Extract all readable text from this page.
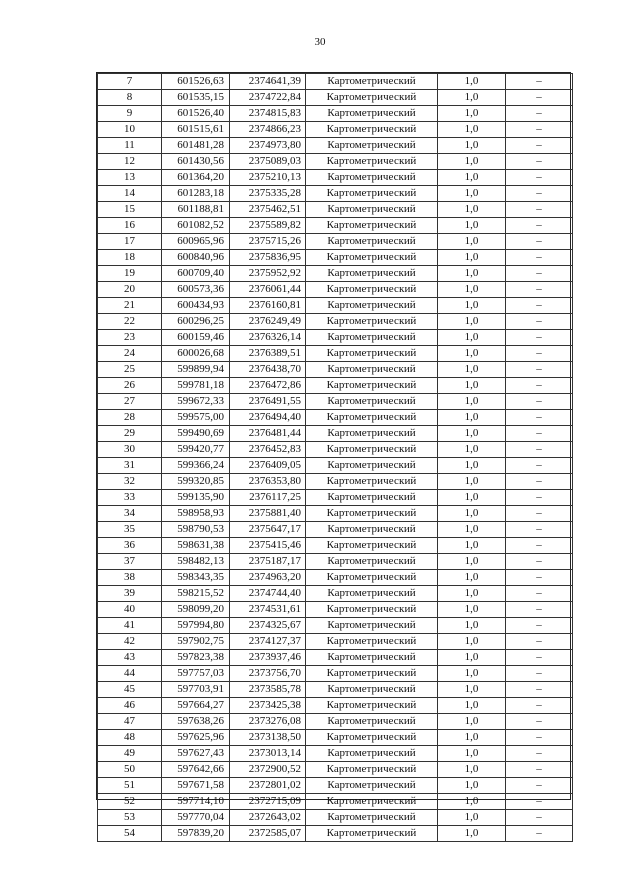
30
7	601526,63	2374641,39	Картометрический	1,0	–
8	601535,15	2374722,84	Картометрический	1,0	–
9	601526,40	2374815,83	Картометрический	1,0	–
10	601515,61	2374866,23	Картометрический	1,0	–
11	601481,28	2374973,80	Картометрический	1,0	–
12	601430,56	2375089,03	Картометрический	1,0	–
13	601364,20	2375210,13	Картометрический	1,0	–
14	601283,18	2375335,28	Картометрический	1,0	–
15	601188,81	2375462,51	Картометрический	1,0	–
16	601082,52	2375589,82	Картометрический	1,0	–
17	600965,96	2375715,26	Картометрический	1,0	–
18	600840,96	2375836,95	Картометрический	1,0	–
19	600709,40	2375952,92	Картометрический	1,0	–
20	600573,36	2376061,44	Картометрический	1,0	–
21	600434,93	2376160,81	Картометрический	1,0	–
22	600296,25	2376249,49	Картометрический	1,0	–
23	600159,46	2376326,14	Картометрический	1,0	–
24	600026,68	2376389,51	Картометрический	1,0	–
25	599899,94	2376438,70	Картометрический	1,0	–
26	599781,18	2376472,86	Картометрический	1,0	–
27	599672,33	2376491,55	Картометрический	1,0	–
28	599575,00	2376494,40	Картометрический	1,0	–
29	599490,69	2376481,44	Картометрический	1,0	–
30	599420,77	2376452,83	Картометрический	1,0	–
31	599366,24	2376409,05	Картометрический	1,0	–
32	599320,85	2376353,80	Картометрический	1,0	–
33	599135,90	2376117,25	Картометрический	1,0	–
34	598958,93	2375881,40	Картометрический	1,0	–
35	598790,53	2375647,17	Картометрический	1,0	–
36	598631,38	2375415,46	Картометрический	1,0	–
37	598482,13	2375187,17	Картометрический	1,0	–
38	598343,35	2374963,20	Картометрический	1,0	–
39	598215,52	2374744,40	Картометрический	1,0	–
40	598099,20	2374531,61	Картометрический	1,0	–
41	597994,80	2374325,67	Картометрический	1,0	–
42	597902,75	2374127,37	Картометрический	1,0	–
43	597823,38	2373937,46	Картометрический	1,0	–
44	597757,03	2373756,70	Картометрический	1,0	–
45	597703,91	2373585,78	Картометрический	1,0	–
46	597664,27	2373425,38	Картометрический	1,0	–
47	597638,26	2373276,08	Картометрический	1,0	–
48	597625,96	2373138,50	Картометрический	1,0	–
49	597627,43	2373013,14	Картометрический	1,0	–
50	597642,66	2372900,52	Картометрический	1,0	–
51	597671,58	2372801,02	Картометрический	1,0	–
52	597714,10	2372715,09	Картометрический	1,0	–
53	597770,04	2372643,02	Картометрический	1,0	–
54	597839,20	2372585,07	Картометрический	1,0	–
